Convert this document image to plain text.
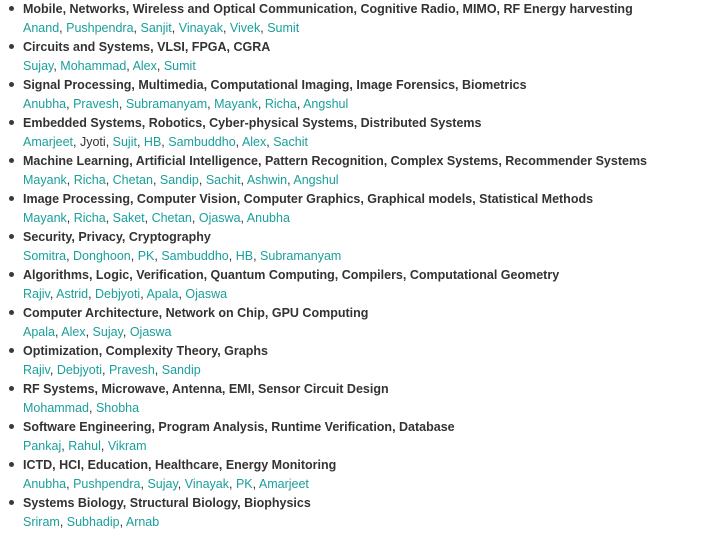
Mobile, Networks, Wireless and Optical Communication, Cognitive Radio, MIMO, RF Energy harvesting
Anand, Pushpendra, Sanjit, Vinayak, Vivek, Sumit
Circuits and Systems, VLSI, FPGA, CGRA
Sujay, Mohammad, Alex, Sumit
Signal Processing, Multimedia, Computational Imaging, Image Forensics, Biometrics
Anubha, Pravesh, Subramanyam, Mayank, Richa, Angshul
Embedded Systems, Robotics, Cyber-physical Systems, Distributed Systems
Amarjeet, Jyoti, Sujit, HB, Sambuddho, Alex, Sachit
Machine Learning, Artificial Intelligence, Pattern Recognition, Complex Systems, Recommender Systems
Mayank, Richa, Chetan, Sandip, Sachit, Ashwin, Angshul
Image Processing, Computer Vision, Computer Graphics, Graphical models, Statistical Methods
Mayank, Richa, Saket, Chetan, Ojaswa, Anubha
Security, Privacy, Cryptography
Somitra, Donghoon, PK, Sambuddho, HB, Subramanyam
Algorithms, Logic, Verification, Quantum Computing, Compilers, Computational Geometry
Rajiv, Astrid, Debjyoti, Apala, Ojaswa
Computer Architecture, Network on Chip, GPU Computing
Apala, Alex, Sujay, Ojaswa
Optimization, Complexity Theory, Graphs
Rajiv, Debjyoti, Pravesh, Sandip
RF Systems, Microwave, Antenna, EMI, Sensor Circuit Design
Mohammad, Shobha
Software Engineering, Program Analysis, Runtime Verification, Database
Pankaj, Rahul, Vikram
ICTD, HCI, Education, Healthcare, Energy Monitoring
Anubha, Pushpendra, Sujay, Vinayak, PK, Amarjeet
Systems Biology, Structural Biology, Biophysics
Sriram, Subhadip, Arnab
